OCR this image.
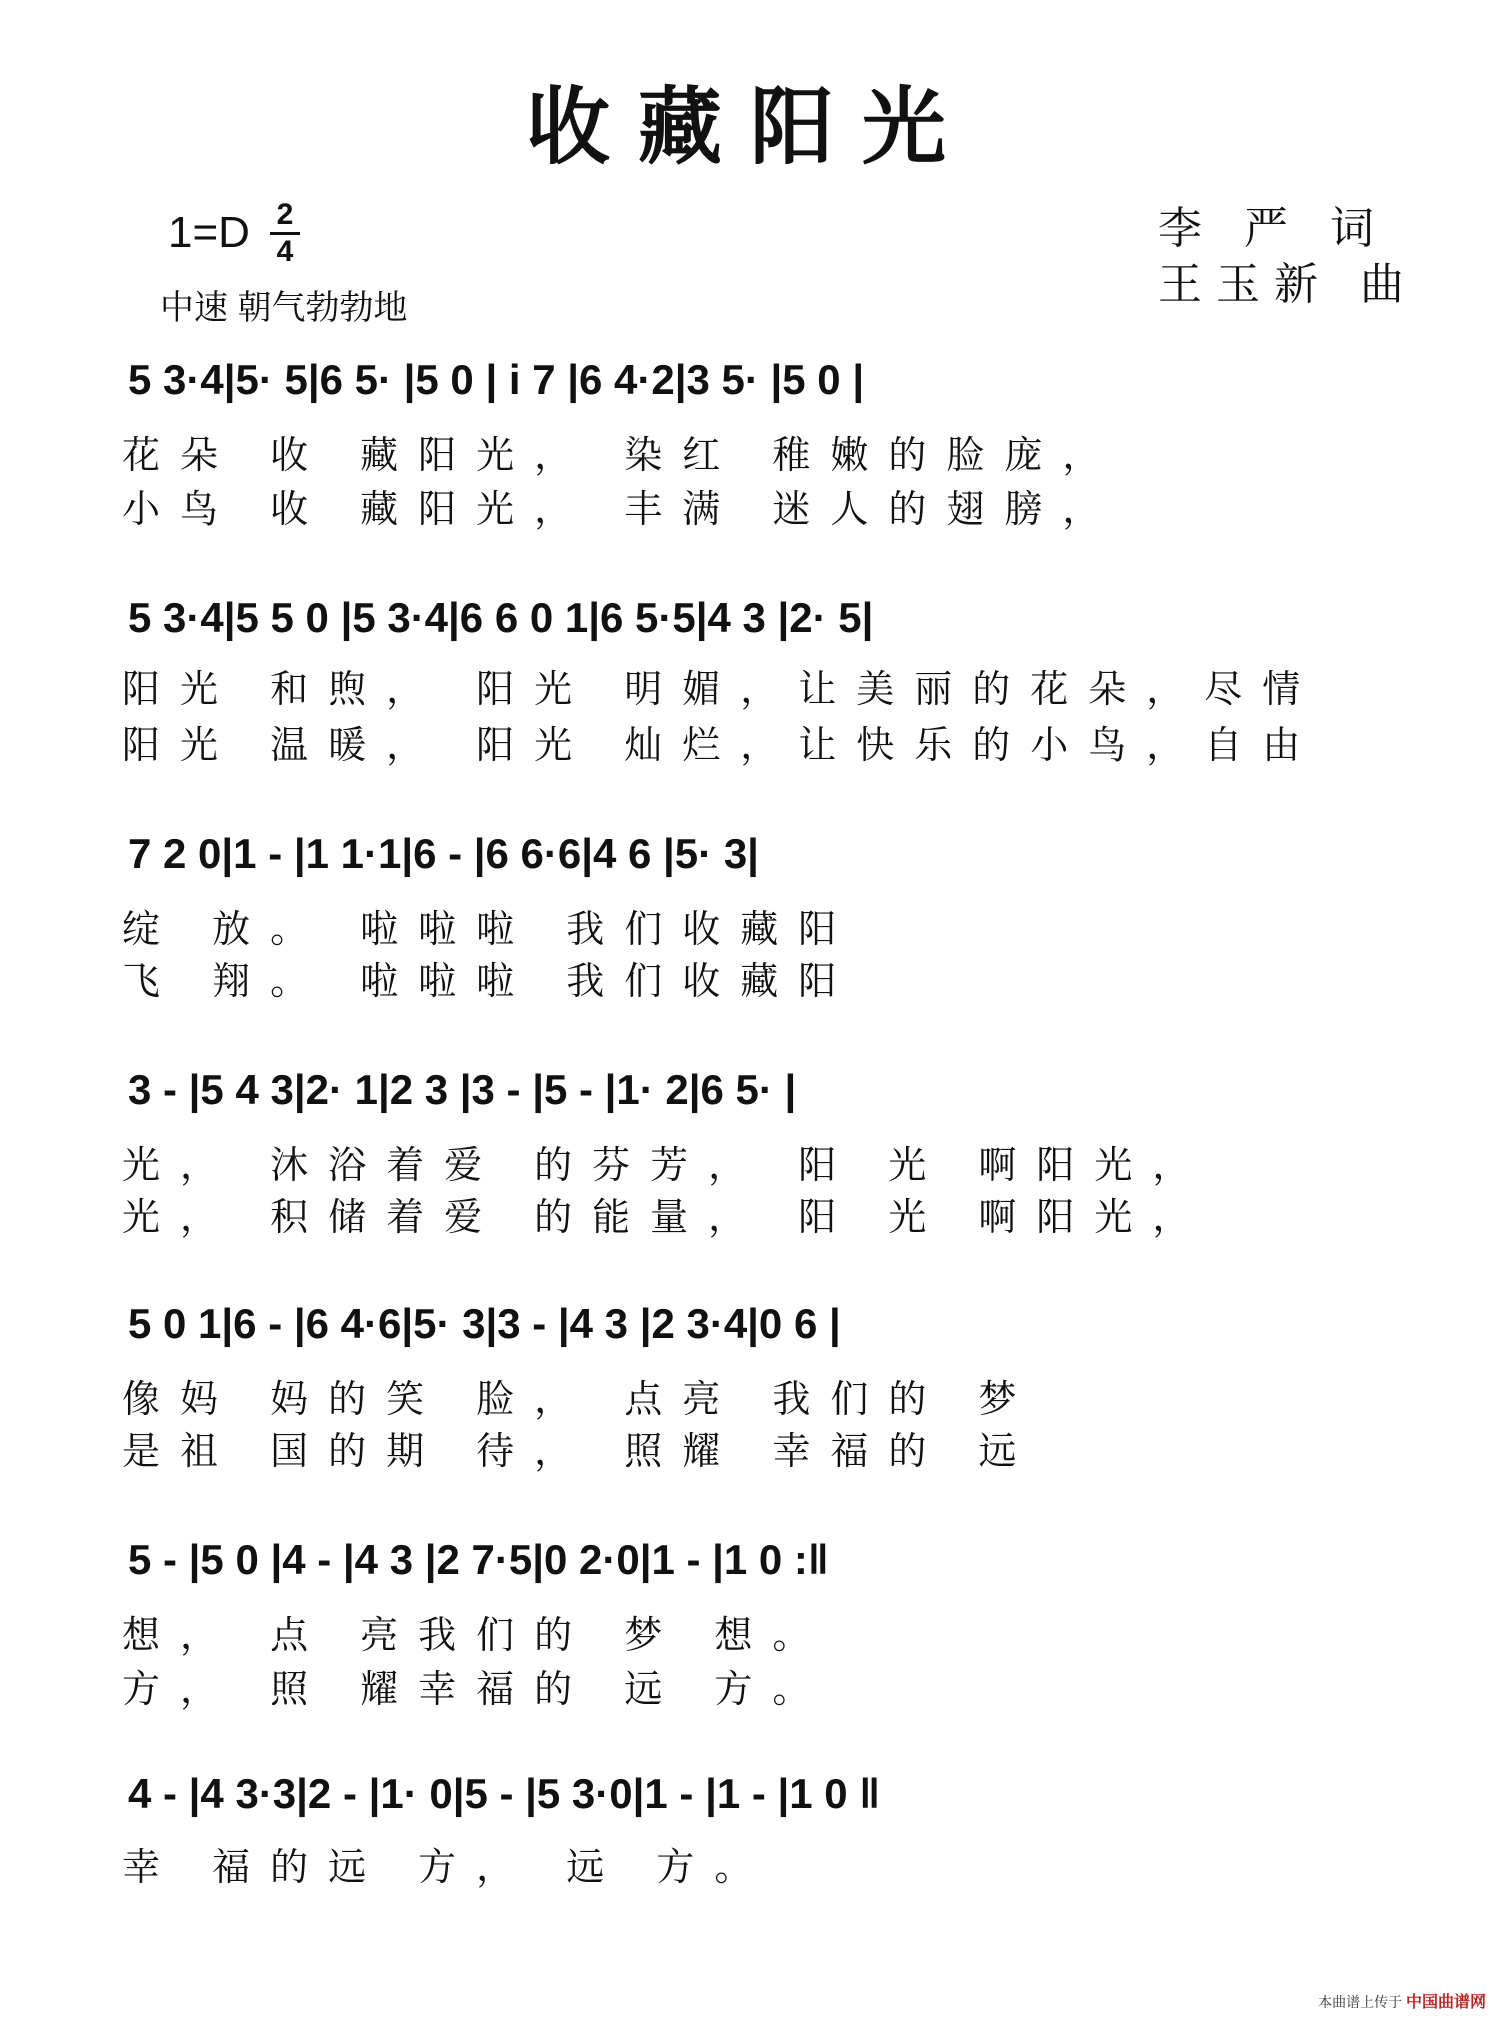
收藏阳光
1=D 2
4
中速 朝气勃勃地
李 严 词
王玉新 曲
5 3·4|5· 5|6 5· |5 0 | i 7 |6 4·2|3 5· |5 0 |
花朵 收 藏阳光， 染红 稚嫩的脸庞，
小鸟 收 藏阳光， 丰满 迷人的翅膀，
5 3·4|5 5 0 |5 3·4|6 6 0 1|6 5·5|4 3 |2· 5|
阳光 和煦， 阳光 明媚，让美丽的花朵，尽情
阳光 温暖， 阳光 灿烂，让快乐的小鸟，自由
7 2 0|1 - |1 1·1|6 - |6 6·6|4 6 |5· 3|
绽 放。 啦啦啦 我们收藏阳
飞 翔。 啦啦啦 我们收藏阳
3 - |5 4 3|2· 1|2 3 |3 - |5 - |1· 2|6 5· |
光， 沐浴着爱 的芬芳， 阳 光 啊阳光，
光， 积储着爱 的能量， 阳 光 啊阳光，
5 0 1|6 - |6 4·6|5· 3|3 - |4 3 |2 3·4|0 6 |
像妈 妈的笑 脸， 点亮 我们的 梦
是祖 国的期 待， 照耀 幸福的 远
5 - |5 0 |4 - |4 3 |2 7·5|0 2·0|1 - |1 0 :‖
想， 点 亮我们的 梦 想。
方， 照 耀幸福的 远 方。
4 - |4 3·3|2 - |1· 0|5 - |5 3·0|1 - |1 - |1 0 ‖
幸 福的远 方， 远 方。
本曲谱上传于 中国曲谱网
